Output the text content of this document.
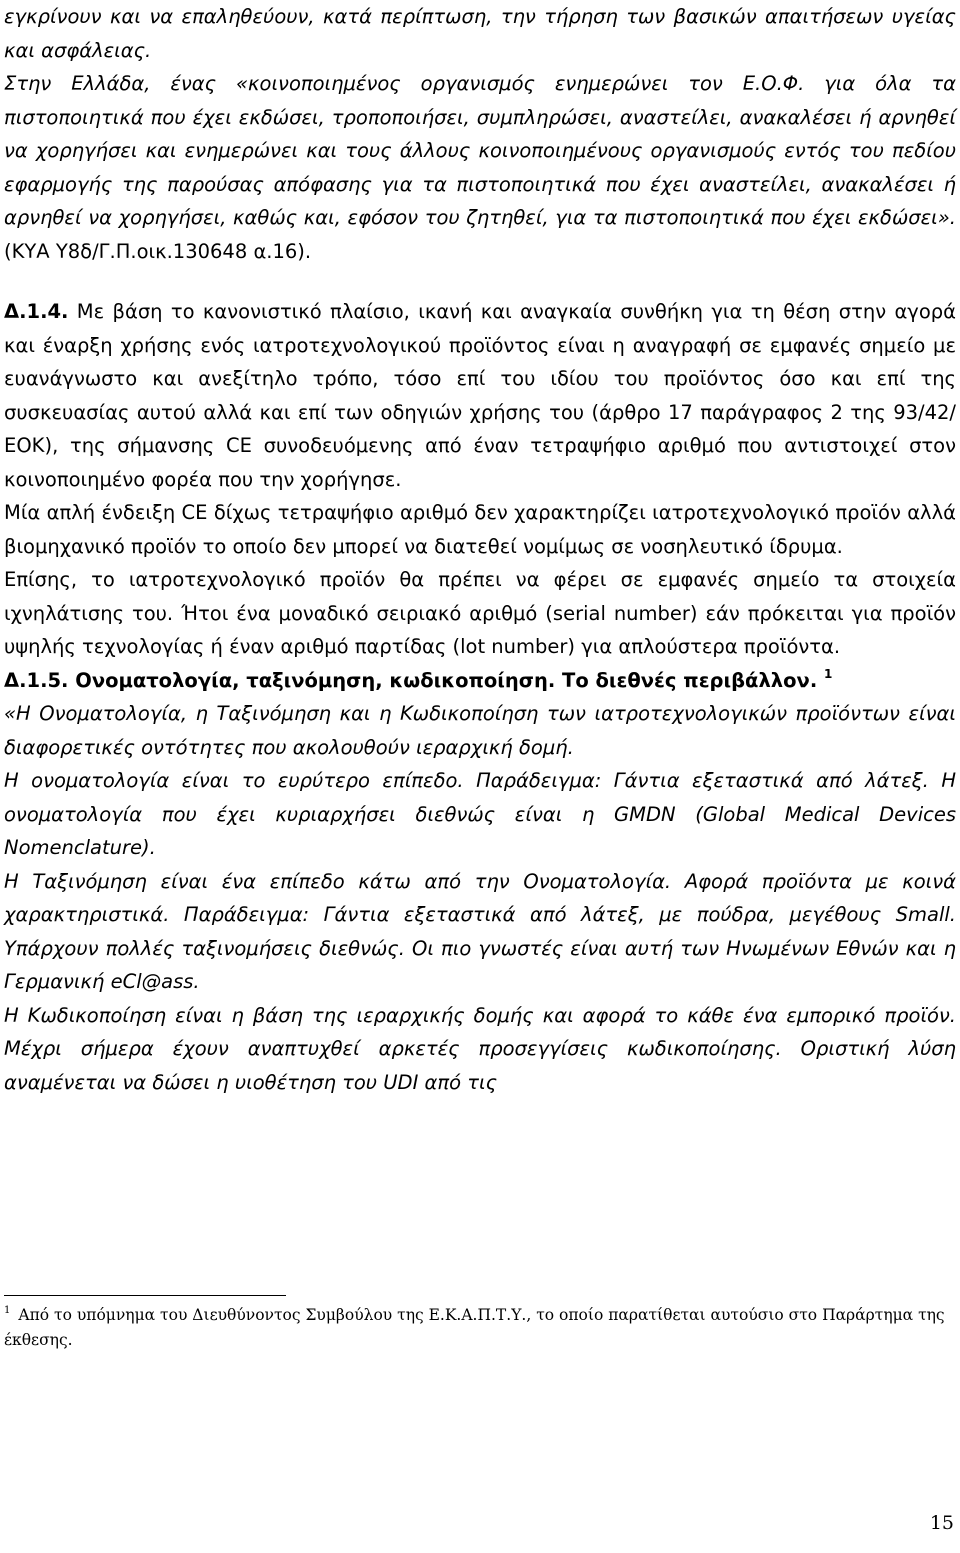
εγκρίνουν και να επαληθεύουν, κατά περίπτωση, την τήρηση των βασικών απαιτήσεων υγείας και ασφάλειας.

Στην Ελλάδα, ένας «κοινοποιημένος οργανισμός ενημερώνει τον Ε.Ο.Φ. για όλα τα πιστοποιητικά που έχει εκδώσει, τροποποιήσει, συμπληρώσει, αναστείλει, ανακαλέσει ή αρνηθεί να χορηγήσει και ενημερώνει και τους άλλους κοινοποιημένους οργανισμούς εντός του πεδίου εφαρμογής της παρούσας απόφασης για τα πιστοποιητικά που έχει αναστείλει, ανακαλέσει ή αρνηθεί να χορηγήσει, καθώς και, εφόσον του ζητηθεί, για τα πιστοποιητικά που έχει εκδώσει». (ΚΥΑ Υ8δ/Γ.Π.οικ.130648 α.16).

Δ.1.4. Με βάση το κανονιστικό πλαίσιο, ικανή και αναγκαία συνθήκη για τη θέση στην αγορά και έναρξη χρήσης ενός ιατροτεχνολογικού προϊόντος είναι η αναγραφή σε εμφανές σημείο με ευανάγνωστο και ανεξίτηλο τρόπο, τόσο επί του ιδίου του προϊόντος όσο και επί της συσκευασίας αυτού αλλά και επί των οδηγιών χρήσης του (άρθρο 17 παράγραφος 2 της 93/42/ΕΟΚ), της σήμανσης CE συνοδευόμενης από έναν τετραψήφιο αριθμό που αντιστοιχεί στον κοινοποιημένο φορέα που την χορήγησε.

Μία απλή ένδειξη CE δίχως τετραψήφιο αριθμό δεν χαρακτηρίζει ιατροτεχνολογικό προϊόν αλλά βιομηχανικό προϊόν το οποίο δεν μπορεί να διατεθεί νομίμως σε νοσηλευτικό ίδρυμα.

Επίσης, το ιατροτεχνολογικό προϊόν θα πρέπει να φέρει σε εμφανές σημείο τα στοιχεία ιχνηλάτισης του. Ήτοι ένα μοναδικό σειριακό αριθμό (serial number) εάν πρόκειται για προϊόν υψηλής τεχνολογίας ή έναν αριθμό παρτίδας (lot number) για απλούστερα προϊόντα.

Δ.1.5. Ονοματολογία, ταξινόμηση, κωδικοποίηση. Το διεθνές περιβάλλον. $^1$

«Η Ονοματολογία, η Ταξινόμηση και η Κωδικοποίηση των ιατροτεχνολογικών προϊόντων είναι διαφορετικές οντότητες που ακολουθούν ιεραρχική δομή.

Η ονοματολογία είναι το ευρύτερο επίπεδο. Παράδειγμα: Γάντια εξεταστικά από λάτεξ. Η ονοματολογία που έχει κυριαρχήσει διεθνώς είναι η GMDN (Global Medical Devices Nomenclature).

Η Ταξινόμηση είναι ένα επίπεδο κάτω από την Ονοματολογία. Αφορά προϊόντα με κοινά χαρακτηριστικά. Παράδειγμα: Γάντια εξεταστικά από λάτεξ, με πούδρα, μεγέθους Small. Υπάρχουν πολλές ταξινομήσεις διεθνώς. Οι πιο γνωστές είναι αυτή των Ηνωμένων Εθνών και η Γερμανική eCl@ass.

Η Κωδικοποίηση είναι η βάση της ιεραρχικής δομής και αφορά το κάθε ένα εμπορικό προϊόν. Μέχρι σήμερα έχουν αναπτυχθεί αρκετές προσεγγίσεις κωδικοποίησης. Οριστική λύση αναμένεται να δώσει η υιοθέτηση του UDI από τις

$^1$ Από το υπόμνημα του Διευθύνοντος Συμβούλου της Ε.Κ.Α.Π.Τ.Υ., το οποίο παρατίθεται αυτούσιο στο Παράρτημα της έκθεσης.

15
